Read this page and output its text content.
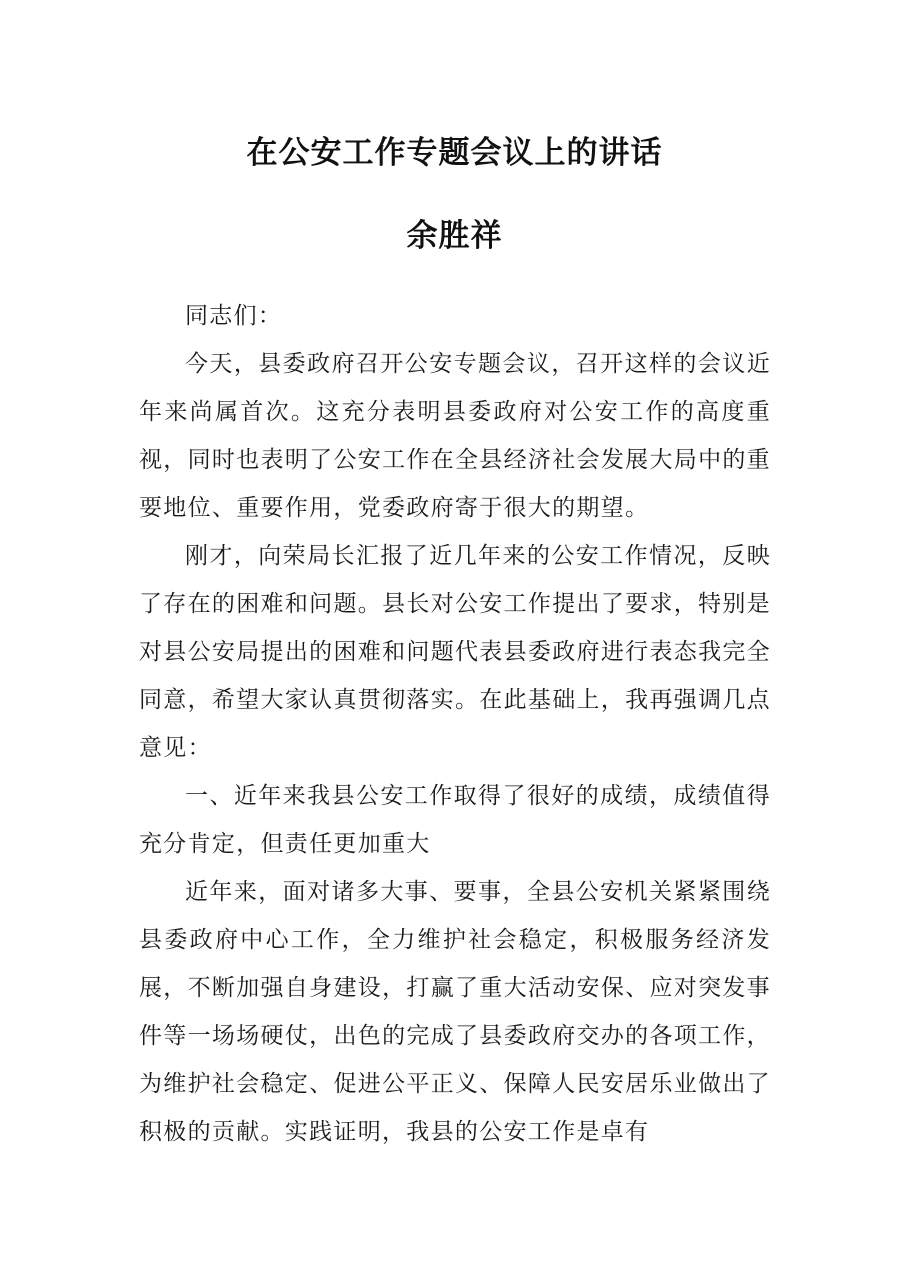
在公安工作专题会议上的讲话
余胜祥

同志们：

今天，县委政府召开公安专题会议，召开这样的会议近年来尚属首次。这充分表明县委政府对公安工作的高度重视，同时也表明了公安工作在全县经济社会发展大局中的重要地位、重要作用，党委政府寄于很大的期望。

刚才，向荣局长汇报了近几年来的公安工作情况，反映了存在的困难和问题。县长对公安工作提出了要求，特别是对县公安局提出的困难和问题代表县委政府进行表态我完全同意，希望大家认真贯彻落实。在此基础上，我再强调几点意见：

一、近年来我县公安工作取得了很好的成绩，成绩值得充分肯定，但责任更加重大

近年来，面对诸多大事、要事，全县公安机关紧紧围绕县委政府中心工作，全力维护社会稳定，积极服务经济发展，不断加强自身建设，打赢了重大活动安保、应对突发事件等一场场硬仗，出色的完成了县委政府交办的各项工作，为维护社会稳定、促进公平正义、保障人民安居乐业做出了积极的贡献。实践证明，我县的公安工作是卓有
